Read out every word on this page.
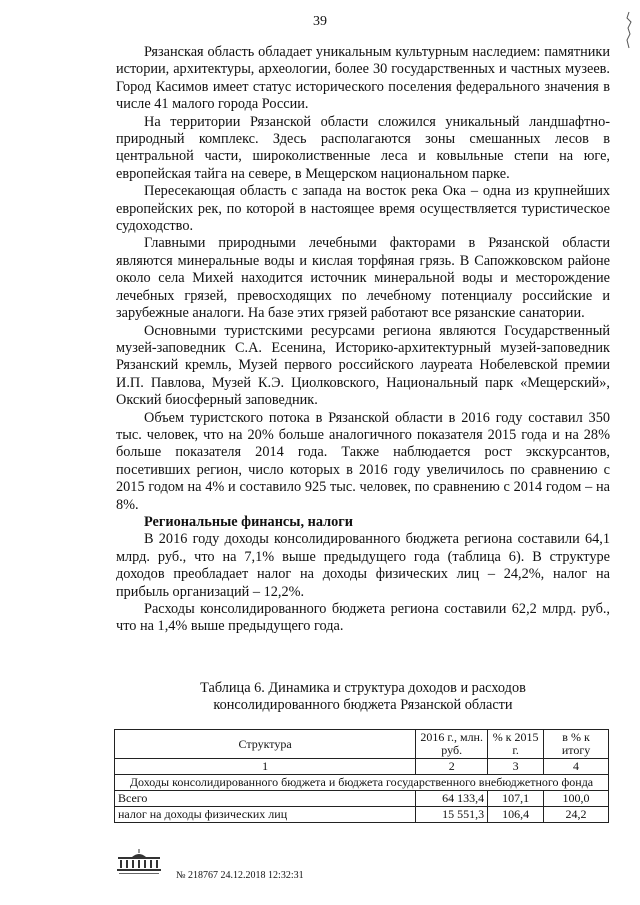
39

Рязанская область обладает уникальным культурным наследием: памятники истории, архитектуры, археологии, более 30 государственных и частных музеев. Город Касимов имеет статус исторического поселения федерального значения в числе 41 малого города России.

На территории Рязанской области сложился уникальный ландшафтно-природный комплекс. Здесь располагаются зоны смешанных лесов в центральной части, широколиственные леса и ковыльные степи на юге, европейская тайга на севере, в Мещерском национальном парке.

Пересекающая область с запада на восток река Ока – одна из крупнейших европейских рек, по которой в настоящее время осуществляется туристическое судоходство.

Главными природными лечебными факторами в Рязанской области являются минеральные воды и кислая торфяная грязь. В Сапожковском районе около села Михей находится источник минеральной воды и месторождение лечебных грязей, превосходящих по лечебному потенциалу российские и зарубежные аналоги. На базе этих грязей работают все рязанские санатории.

Основными туристскими ресурсами региона являются Государственный музей-заповедник С.А. Есенина, Историко-архитектурный музей-заповедник Рязанский кремль, Музей первого российского лауреата Нобелевской премии И.П. Павлова, Музей К.Э. Циолковского, Национальный парк «Мещерский», Окский биосферный заповедник.

Объем туристского потока в Рязанской области в 2016 году составил 350 тыс. человек, что на 20% больше аналогичного показателя 2015 года и на 28% больше показателя 2014 года. Также наблюдается рост экскурсантов, посетивших регион, число которых в 2016 году увеличилось по сравнению с 2015 годом на 4% и составило 925 тыс. человек, по сравнению с 2014 годом – на 8%.

Региональные финансы, налоги

В 2016 году доходы консолидированного бюджета региона составили 64,1 млрд. руб., что на 7,1% выше предыдущего года (таблица 6). В структуре доходов преобладает налог на доходы физических лиц – 24,2%, налог на прибыль организаций – 12,2%.

Расходы консолидированного бюджета региона составили 62,2 млрд. руб., что на 1,4% выше предыдущего года.

Таблица 6. Динамика и структура доходов и расходов
консолидированного бюджета Рязанской области
Структура	2016 г., млн. руб.	% к 2015 г.	в % к итогу
1	2	3	4
Доходы консолидированного бюджета и бюджета государственного внебюджетного фонда			
Всего	64 133,4	107,1	100,0
налог на доходы физических лиц	15 551,3	106,4	24,2
№ 218767 24.12.2018 12:32:31
